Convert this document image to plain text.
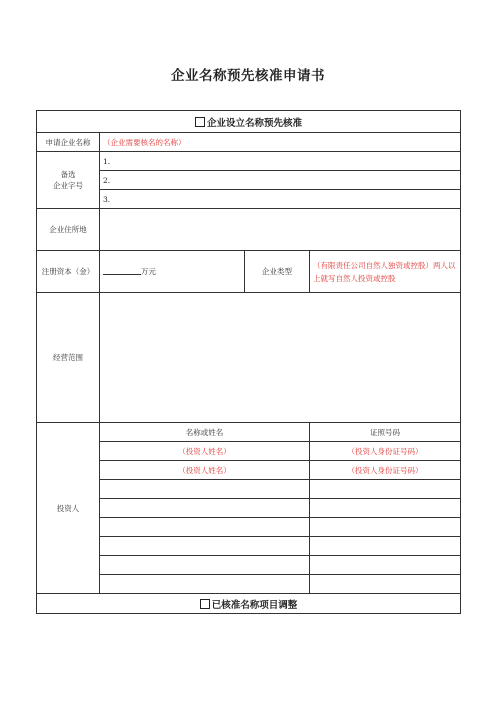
企业名称预先核准申请书
企业设立名称预先核准			
申请企业名称	（企业需要核名的名称）		
备选
企业字号	1.		
	2.		
	3.		
企业住所地			
注册资本（金）	万元	企业类型	（有限责任公司自然人独资或控股）两人以上就写自然人投资或控股
经营范围			
投资人	名称或姓名		证照号码
	（投资人姓名）		（投资人身份证号码）
	（投资人姓名）		（投资人身份证号码）

已核准名称项目调整			
